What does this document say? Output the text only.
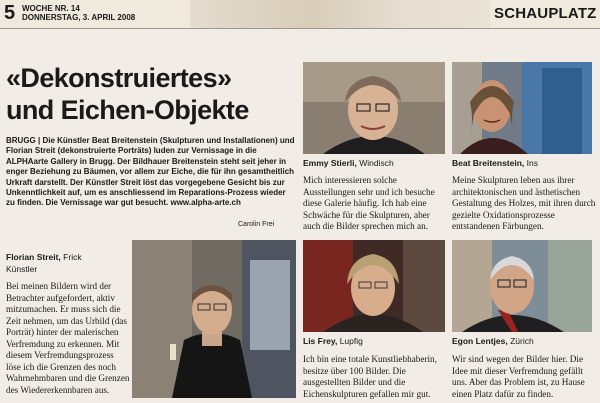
5 WOCHE NR. 14
DONNERSTAG, 3. APRIL 2008	SCHAUPLATZ
«Dekonstruiertes»
und Eichen-Objekte
BRUGG | Die Künstler Beat Breitenstein (Skulpturen und Installationen) und Florian Streit (dekonstruierte Porträts) luden zur Vernissage in die ALPHAarte Gallery in Brugg. Der Bildhauer Breitenstein steht seit jeher in enger Beziehung zu Bäumen, vor allem zur Eiche, die für ihn gesamtheitlich Urkraft darstellt. Der Künstler Streit löst das vorgegebene Gesicht bis zur Unkenntlichkeit auf, um es anschliessend im Reparations-Prozess wieder zu finden. Die Vernissage war gut besucht. www.alpha-arte.ch
Carolin Frei
Florian Streit, Frick
Künstler
Bei meinen Bildern wird der Betrachter aufgefordert, aktiv mitzumachen. Er muss sich die Zeit nehmen, um das Urbild (das Porträt) hinter der malerischen Verfremdung zu erkennen. Mit diesem Verfremdungsprozess löse ich die Grenzen des noch Wahrnehmbaren und die Grenzen des Wiedererkennbaren aus.
Emmy Stierli, Windisch
Mich interessieren solche Ausstellungen sehr und ich besuche diese Galerie häufig. Ich hab eine Schwäche für die Skulpturen, aber auch die Bilder sprechen mich an.
Beat Breitenstein, Ins
Meine Skulpturen leben aus ihrer architektonischen und ästhetischen Gestaltung des Holzes, mit ihren durch gezielte Oxidationsprozesse entstandenen Färbungen.
Lis Frey, Lupfig
Ich bin eine totale Kunstliebhaberin, besitze über 100 Bilder. Die ausgestellten Bilder und die Eichenskulpturen gefallen mir gut.
Egon Lentjes, Zürich
Wir sind wegen der Bilder hier. Die Idee mit dieser Verfremdung gefällt uns. Aber das Problem ist, zu Hause einen Platz dafür zu finden.
